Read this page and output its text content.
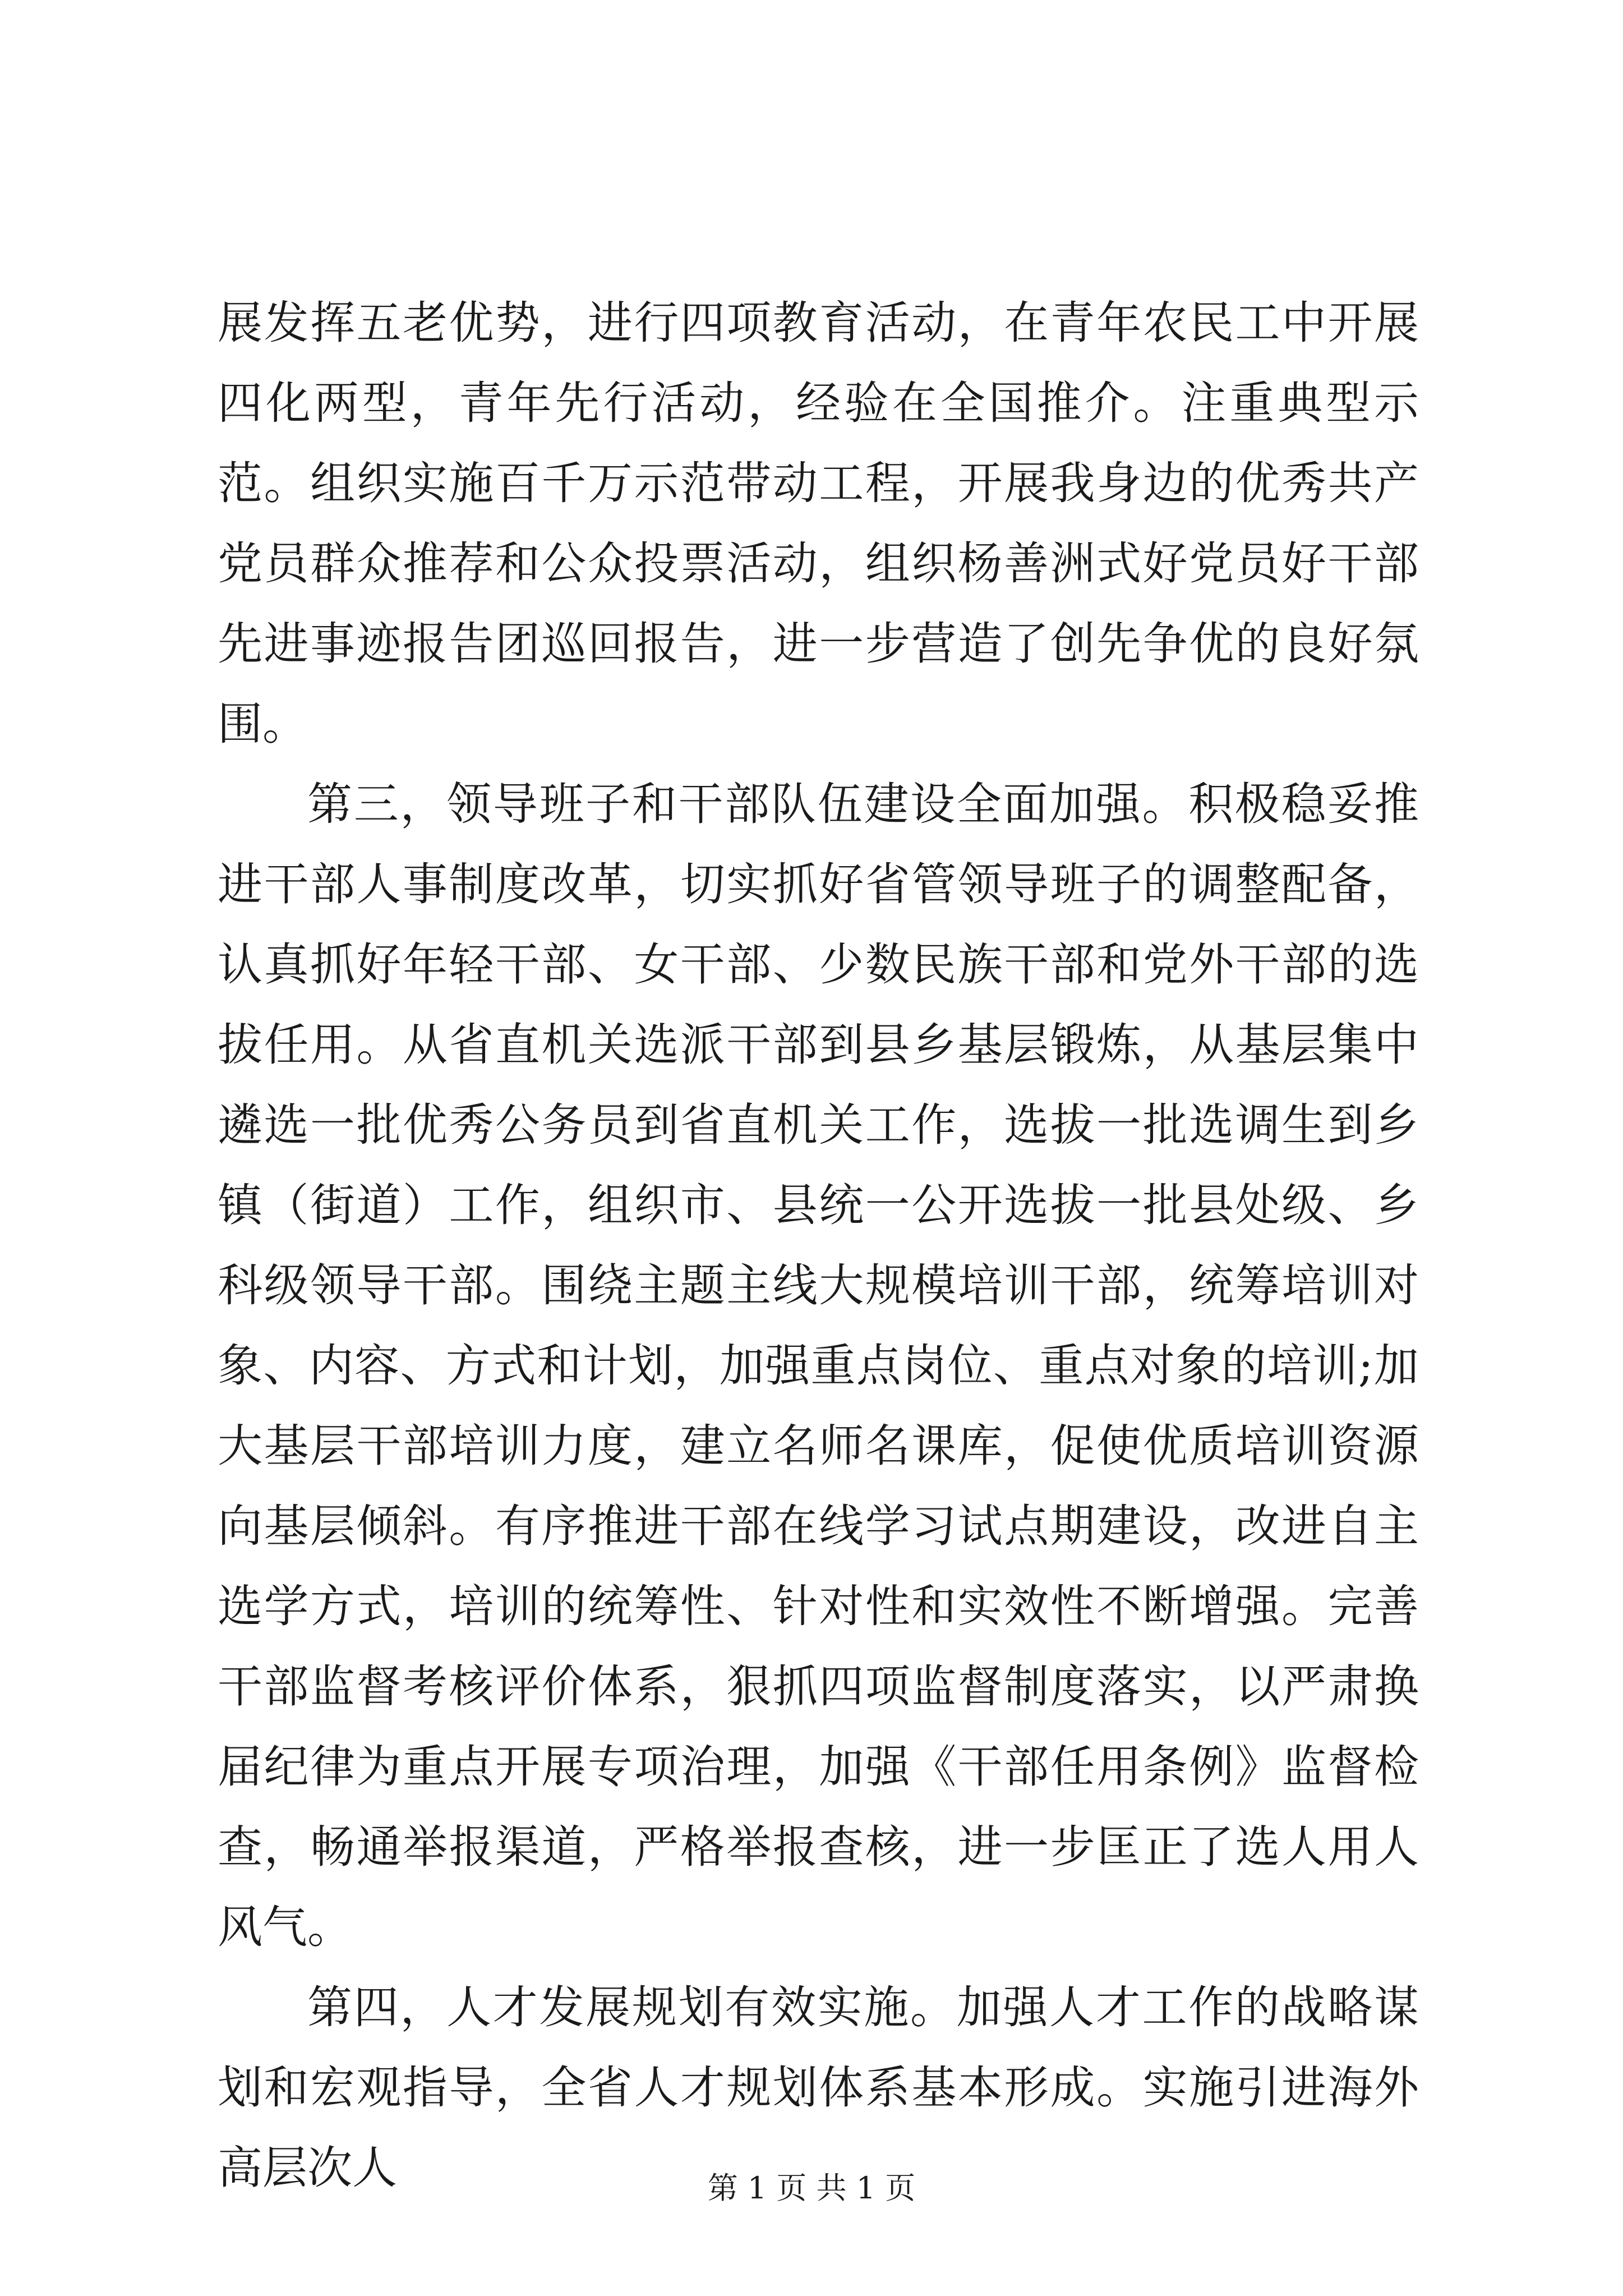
展发挥五老优势，进行四项教育活动，在青年农民工中开展四化两型，青年先行活动，经验在全国推介。注重典型示范。组织实施百千万示范带动工程，开展我身边的优秀共产党员群众推荐和公众投票活动，组织杨善洲式好党员好干部先进事迹报告团巡回报告，进一步营造了创先争优的良好氛围。

第三，领导班子和干部队伍建设全面加强。积极稳妥推进干部人事制度改革，切实抓好省管领导班子的调整配备，认真抓好年轻干部、女干部、少数民族干部和党外干部的选拔任用。从省直机关选派干部到县乡基层锻炼，从基层集中遴选一批优秀公务员到省直机关工作，选拔一批选调生到乡镇（街道）工作，组织市、县统一公开选拔一批县处级、乡科级领导干部。围绕主题主线大规模培训干部，统筹培训对象、内容、方式和计划，加强重点岗位、重点对象的培训;加大基层干部培训力度，建立名师名课库，促使优质培训资源向基层倾斜。有序推进干部在线学习试点期建设，改进自主选学方式，培训的统筹性、针对性和实效性不断增强。完善干部监督考核评价体系，狠抓四项监督制度落实，以严肃换届纪律为重点开展专项治理，加强《干部任用条例》监督检查，畅通举报渠道，严格举报查核，进一步匡正了选人用人风气。

第四，人才发展规划有效实施。加强人才工作的战略谋划和宏观指导，全省人才规划体系基本形成。实施引进海外高层次人	第 1 页 共 1 页
